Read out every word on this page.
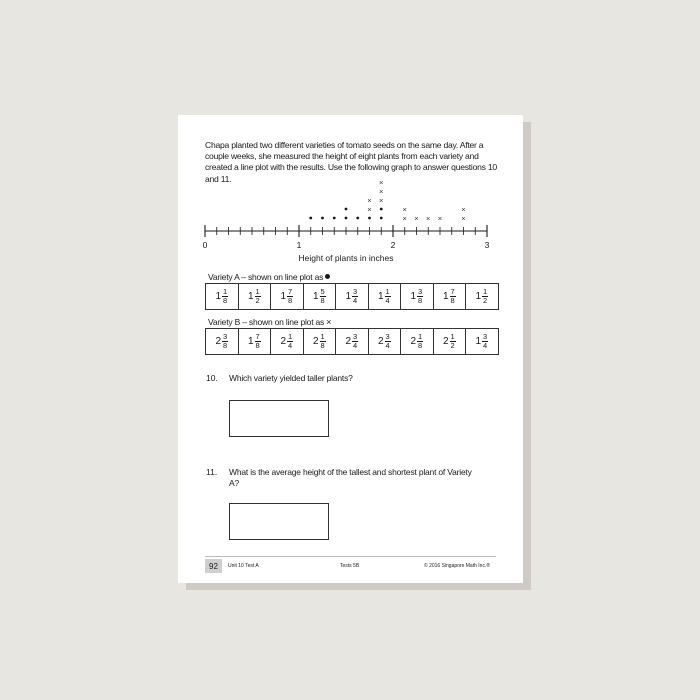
Chapa planted two different varieties of tomato seeds on the same day. After a couple weeks, she measured the height of eight plants from each variety and created a line plot with the results. Use the following graph to answer questions 10 and 11.
0	1	2	3
Height of plants in inches
×
× ×
×
×
×
×
× × ×	×
×
Variety A – shown on line plot as
$1 \frac{1}{8} 1 \frac{1}{2} 1 \frac{7}{8} 1 \frac{5}{8} 1 \frac{3}{4} 1 \frac{1}{4} 1 \frac{3}{8} 1 \frac{7}{8} 1 \frac{1}{2}$
Variety B – shown on line plot as ×
$2 \frac{3}{8} 1 \frac{7}{8} 2 \frac{1}{4} 2 \frac{1}{8} 2 \frac{3}{4} 2 \frac{3}{4} 2 \frac{1}{8} 2 \frac{1}{2} 1 \frac{3}{4}$
10. Which variety yielded taller plants?
11. What is the average height of the tallest and shortest plant of Variety A?
92	Unit 10 Test A	Tests 5B	© 2016 Singapore Math Inc.®
